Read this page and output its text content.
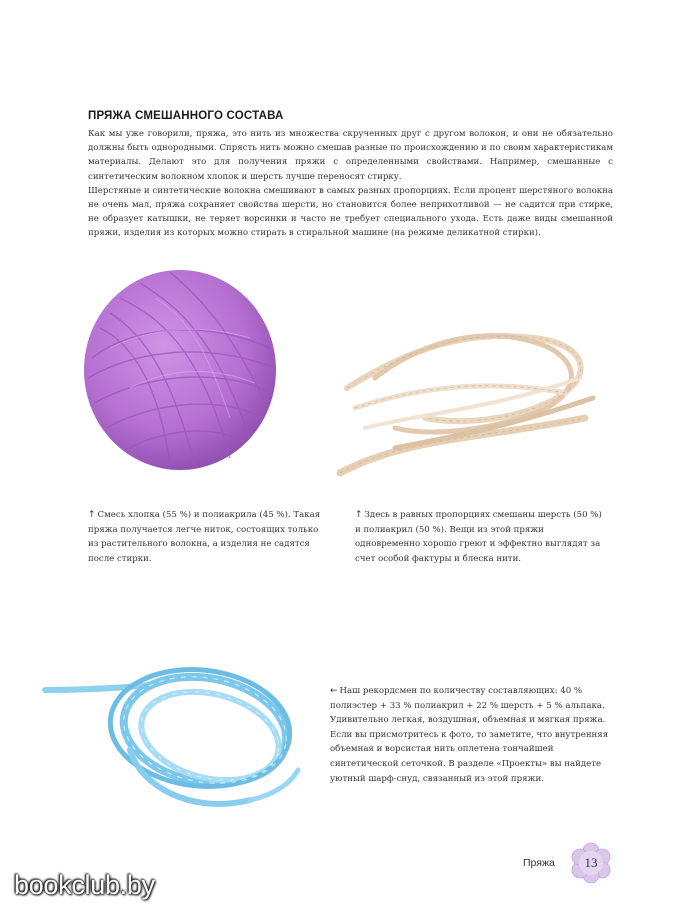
ПРЯЖА СМЕШАННОГО СОСТАВА

Как мы уже говорили, пряжа, это нить из множества скрученных друг с другом волокон, и они не обязательно должны быть однородными. Спрясть нить можно смешав разные по происхождению и по своим характеристикам материалы. Делают это для получения пряжи с определенными свойствами. Например, смешанные с синтетическим волокном хлопок и шерсть лучше переносят стирку.

Шерстяные и синтетические волокна смешивают в самых разных пропорциях. Если процент шерстяного волокна не очень мал, пряжа сохраняет свойства шерсти, но становится более неприхотливой — не садится при стирке, не образует катышки, не теряет ворсинки и часто не требует специального ухода. Есть даже виды смешанной пряжи, изделия из которых можно стирать в стиральной машине (на режиме деликатной стирки).

↑ Смесь хлопка (55 %) и полиакрила (45 %). Такая пряжа получается легче ниток, состоящих только из растительного волокна, а изделия не садятся после стирки.
↑ Здесь в равных пропорциях смешаны шерсть (50 %) и полиакрил (50 %). Вещи из этой пряжи одновременно хорошо греют и эффектно выглядят за счет особой фактуры и блеска нити.
← Наш рекордсмен по количеству составляющих: 40 % полиэстер + 33 % полиакрил + 22 % шерсть + 5 % альпака. Удивительно легкая, воздушная, объемная и мягкая пряжа. Если вы присмотритесь к фото, то заметите, что внутренняя объемная и ворсистая нить оплетена тончайшей синтетической сеточкой. В разделе «Проекты» вы найдете уютный шарф-снуд, связанный из этой пряжи.
Пряжа	13
bookclub.by
